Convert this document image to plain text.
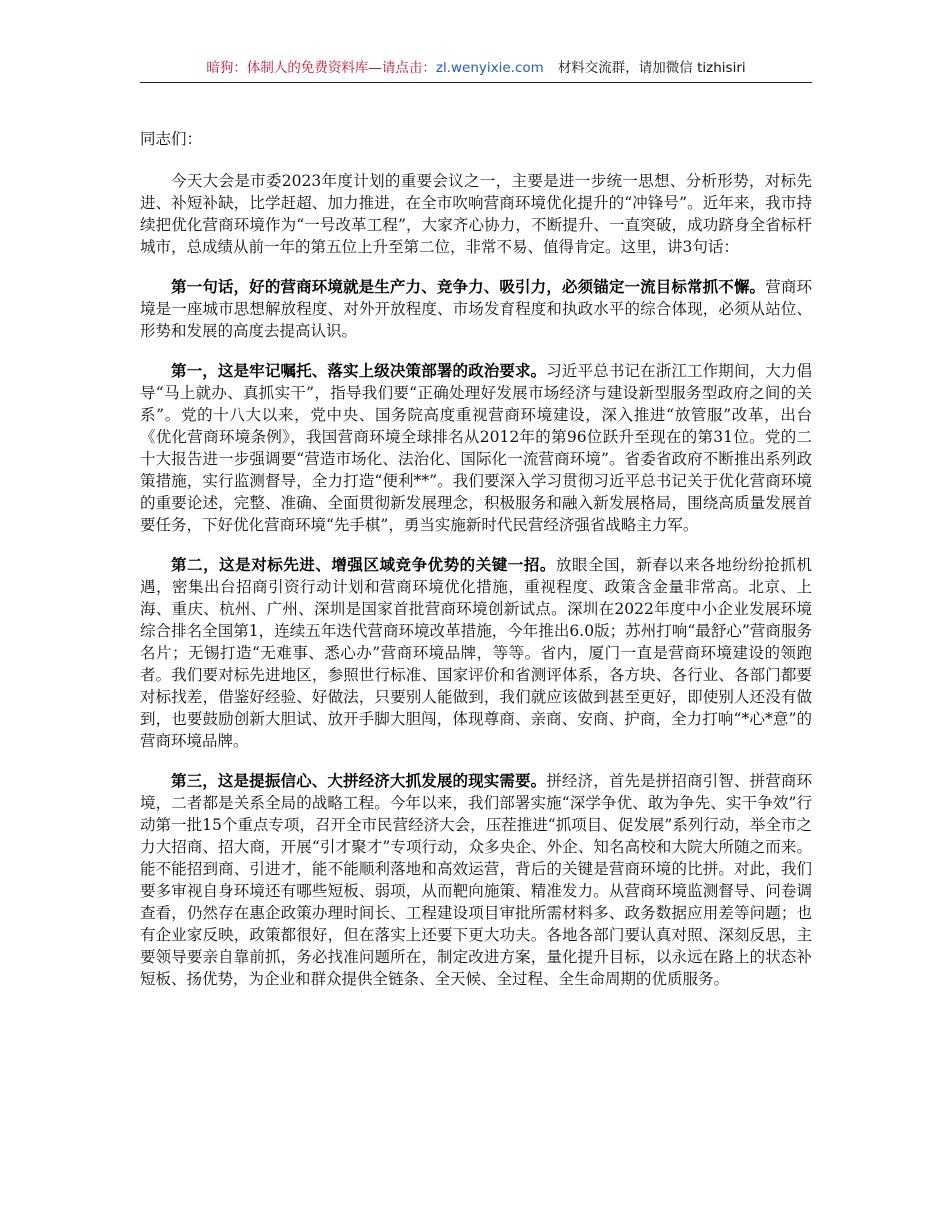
暗狗：体制人的免费资料库—请点击：zl.wenyixie.com 材料交流群，请加微信 tizhisiri

同志们：

今天大会是市委2023年度计划的重要会议之一，主要是进一步统一思想、分析形势，对标先进、补短补缺，比学赶超、加力推进，在全市吹响营商环境优化提升的“冲锋号”。近年来，我市持续把优化营商环境作为“一号改革工程”，大家齐心协力，不断提升、一直突破，成功跻身全省标杆城市，总成绩从前一年的第五位上升至第二位，非常不易、值得肯定。这里，讲3句话：

第一句话，好的营商环境就是生产力、竞争力、吸引力，必须锚定一流目标常抓不懈。营商环境是一座城市思想解放程度、对外开放程度、市场发育程度和执政水平的综合体现，必须从站位、形势和发展的高度去提高认识。

第一，这是牢记嘱托、落实上级决策部署的政治要求。习近平总书记在浙江工作期间，大力倡导“马上就办、真抓实干”，指导我们要“正确处理好发展市场经济与建设新型服务型政府之间的关系”。党的十八大以来，党中央、国务院高度重视营商环境建设，深入推进“放管服”改革，出台《优化营商环境条例》，我国营商环境全球排名从2012年的第96位跃升至现在的第31位。党的二十大报告进一步强调要“营造市场化、法治化、国际化一流营商环境”。省委省政府不断推出系列政策措施，实行监测督导，全力打造“便利**”。我们要深入学习贯彻习近平总书记关于优化营商环境的重要论述，完整、准确、全面贯彻新发展理念，积极服务和融入新发展格局，围绕高质量发展首要任务，下好优化营商环境“先手棋”，勇当实施新时代民营经济强省战略主力军。

第二，这是对标先进、增强区域竞争优势的关键一招。放眼全国，新春以来各地纷纷抢抓机遇，密集出台招商引资行动计划和营商环境优化措施，重视程度、政策含金量非常高。北京、上海、重庆、杭州、广州、深圳是国家首批营商环境创新试点。深圳在2022年度中小企业发展环境综合排名全国第1，连续五年迭代营商环境改革措施，今年推出6.0版；苏州打响“最舒心”营商服务名片；无锡打造“无难事、悉心办”营商环境品牌，等等。省内，厦门一直是营商环境建设的领跑者。我们要对标先进地区，参照世行标准、国家评价和省测评体系，各方块、各行业、各部门都要对标找差，借鉴好经验、好做法，只要别人能做到，我们就应该做到甚至更好，即使别人还没有做到，也要鼓励创新大胆试、放开手脚大胆闯，体现尊商、亲商、安商、护商，全力打响“*心*意”的营商环境品牌。

第三，这是提振信心、大拼经济大抓发展的现实需要。拼经济，首先是拼招商引智、拼营商环境，二者都是关系全局的战略工程。今年以来，我们部署实施“深学争优、敢为争先、实干争效”行动第一批15个重点专项，召开全市民营经济大会，压茬推进“抓项目、促发展”系列行动，举全市之力大招商、招大商，开展“引才聚才”专项行动，众多央企、外企、知名高校和大院大所随之而来。能不能招到商、引进才，能不能顺利落地和高效运营，背后的关键是营商环境的比拼。对此，我们要多审视自身环境还有哪些短板、弱项，从而靶向施策、精准发力。从营商环境监测督导、问卷调查看，仍然存在惠企政策办理时间长、工程建设项目审批所需材料多、政务数据应用差等问题；也有企业家反映，政策都很好，但在落实上还要下更大功夫。各地各部门要认真对照、深刻反思，主要领导要亲自靠前抓，务必找准问题所在，制定改进方案，量化提升目标，以永远在路上的状态补短板、扬优势，为企业和群众提供全链条、全天候、全过程、全生命周期的优质服务。
